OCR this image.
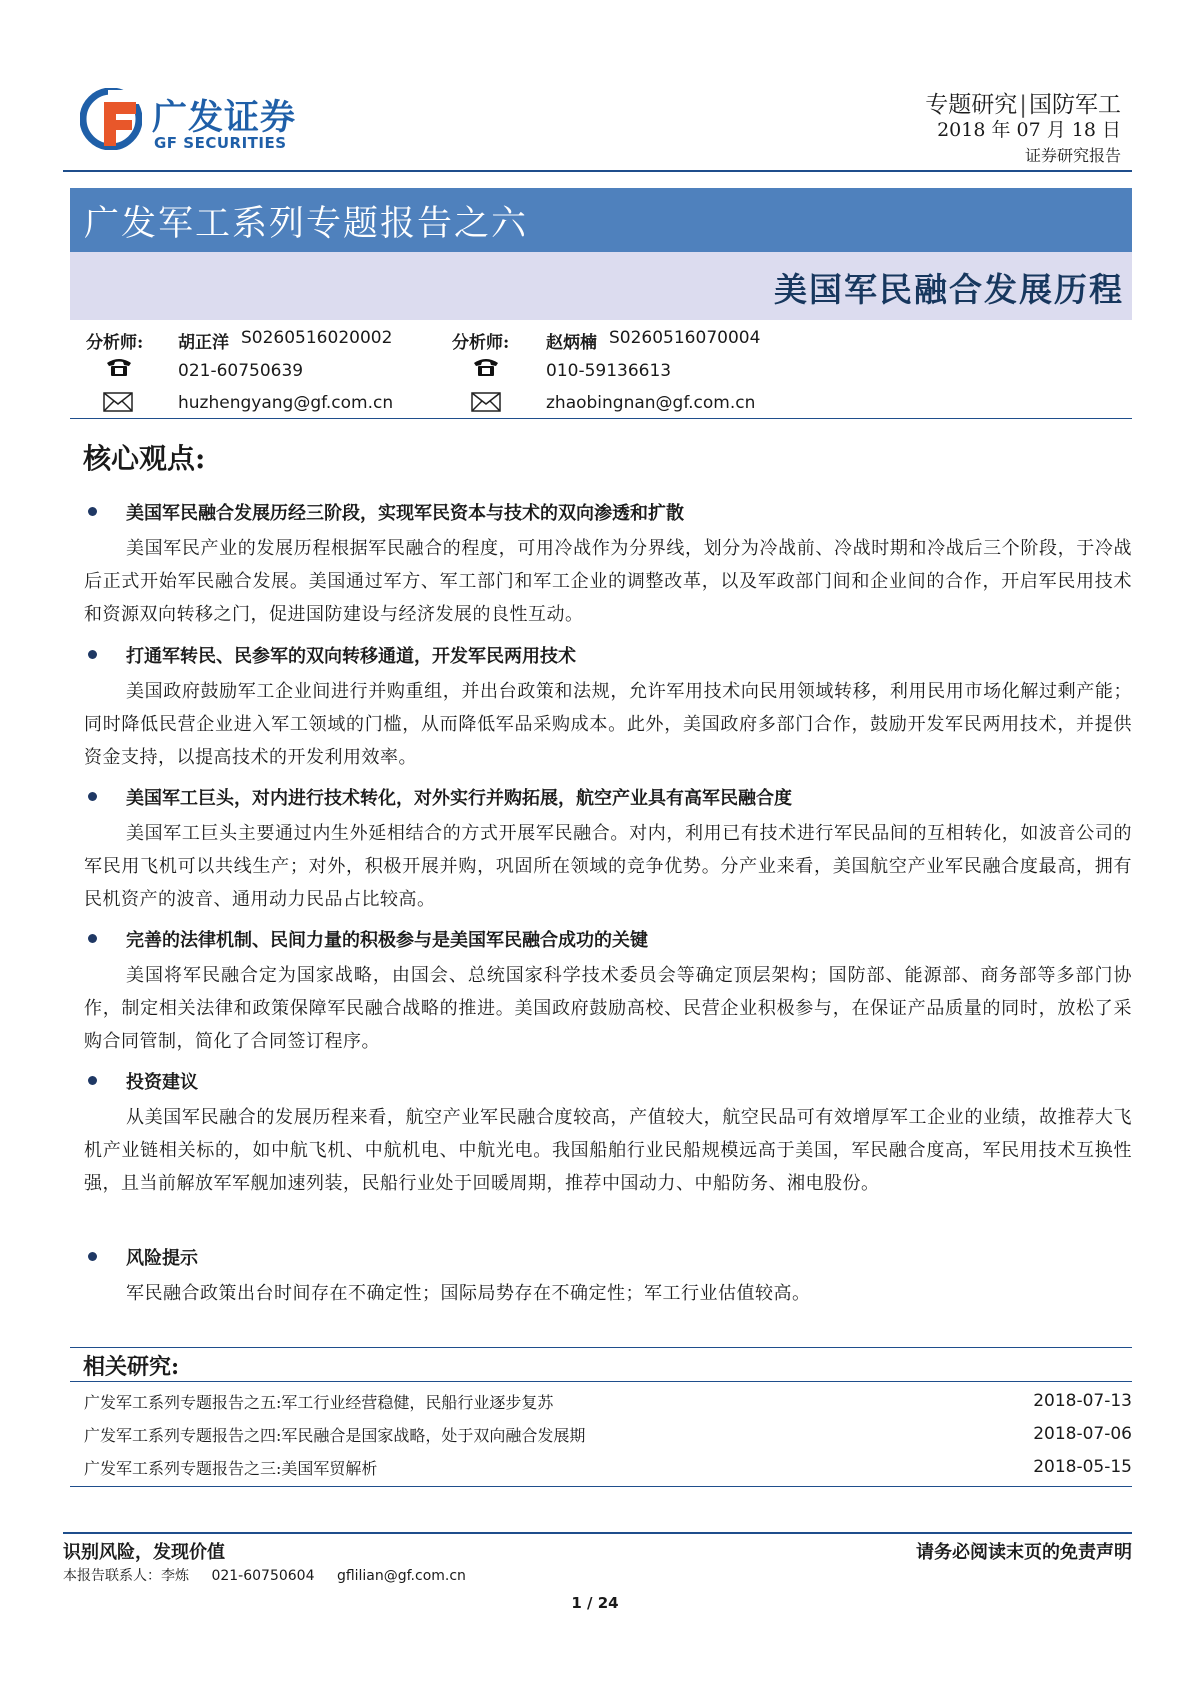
广发证券
GF SECURITIES
专题研究|国防军工
2018 年 07 月 18 日
证券研究报告
广发军工系列专题报告之六
美国军民融合发展历程
分析师: 胡正洋 S0260516020002
021-60750639
huzhengyang@gf.com.cn
分析师: 赵炳楠 S0260516070004
010-59136613
zhaobingnan@gf.com.cn
核心观点:
美国军民融合发展历经三阶段，实现军民资本与技术的双向渗透和扩散
美国军民产业的发展历程根据军民融合的程度，可用冷战作为分界线，划分为冷战前、冷战时期和冷战后三个阶段，于冷战后正式开始军民融合发展。美国通过军方、军工部门和军工企业的调整改革，以及军政部门间和企业间的合作，开启军民用技术和资源双向转移之门，促进国防建设与经济发展的良性互动。
打通军转民、民参军的双向转移通道，开发军民两用技术
美国政府鼓励军工企业间进行并购重组，并出台政策和法规，允许军用技术向民用领域转移，利用民用市场化解过剩产能；同时降低民营企业进入军工领域的门槛，从而降低军品采购成本。此外，美国政府多部门合作，鼓励开发军民两用技术，并提供资金支持，以提高技术的开发利用效率。
美国军工巨头，对内进行技术转化，对外实行并购拓展，航空产业具有高军民融合度
美国军工巨头主要通过内生外延相结合的方式开展军民融合。对内，利用已有技术进行军民品间的互相转化，如波音公司的军民用飞机可以共线生产；对外，积极开展并购，巩固所在领域的竞争优势。分产业来看，美国航空产业军民融合度最高，拥有民机资产的波音、通用动力民品占比较高。
完善的法律机制、民间力量的积极参与是美国军民融合成功的关键
美国将军民融合定为国家战略，由国会、总统国家科学技术委员会等确定顶层架构；国防部、能源部、商务部等多部门协作，制定相关法律和政策保障军民融合战略的推进。美国政府鼓励高校、民营企业积极参与，在保证产品质量的同时，放松了采购合同管制，简化了合同签订程序。
投资建议
从美国军民融合的发展历程来看，航空产业军民融合度较高，产值较大，航空民品可有效增厚军工企业的业绩，故推荐大飞机产业链相关标的，如中航飞机、中航机电、中航光电。我国船舶行业民船规模远高于美国，军民融合度高，军民用技术互换性强，且当前解放军军舰加速列装，民船行业处于回暖周期，推荐中国动力、中船防务、湘电股份。
风险提示
军民融合政策出台时间存在不确定性；国际局势存在不确定性；军工行业估值较高。
相关研究:
广发军工系列专题报告之五:军工行业经营稳健，民船行业逐步复苏	2018-07-13
广发军工系列专题报告之四:军民融合是国家战略，处于双向融合发展期	2018-07-06
广发军工系列专题报告之三:美国军贸解析	2018-05-15
识别风险，发现价值	请务必阅读末页的免责声明
本报告联系人：李炼 021-60750604 gflilian@gf.com.cn
1 / 24
